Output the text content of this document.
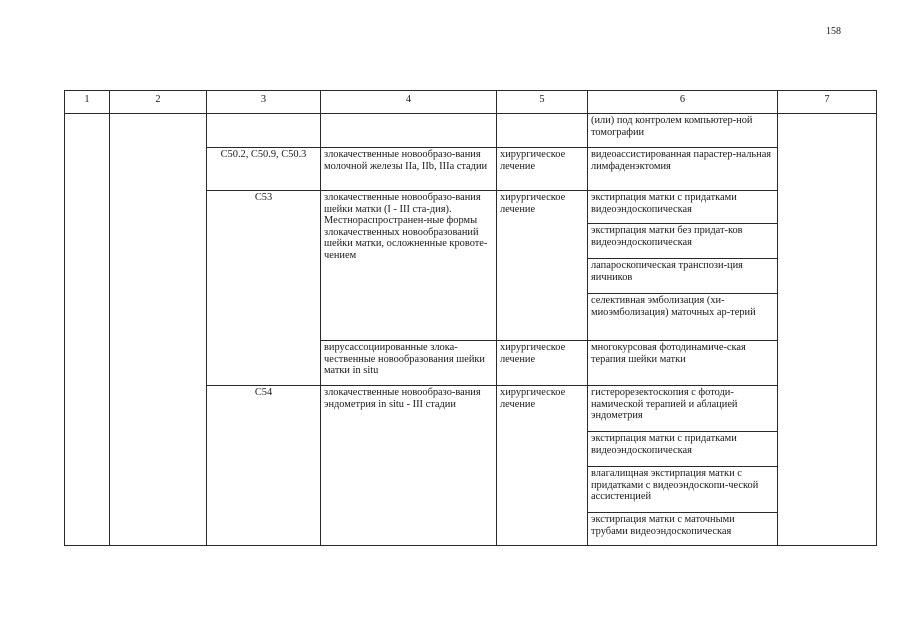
158
1	2	3	4	5	6	7
					(или) под контролем компьютер-ной томографии	
		C50.2, C50.9, C50.3	злокачественные новообразо-вания молочной железы IIа, IIb, IIIа стадии	хирургическое лечение	видеоассистированная парастер-нальная лимфаденэктомия	
		C53	злокачественные новообразо-вания шейки матки (I - III ста-дия). Местнораспространен-ные формы злокачественных новообразований шейки матки, осложненные кровоте-чением	хирургическое лечение	экстирпация матки с придатками видеоэндоскопическая	
					экстирпация матки без придат-ков видеоэндоскопическая	
					лапароскопическая транспози-ция яичников	
					селективная эмболизация (хи-миоэмболизация) маточных ар-терий	
			вирусассоциированные злока-чественные новообразования шейки матки in situ	хирургическое лечение	многокурсовая фотодинамиче-ская терапия шейки матки	
		C54	злокачественные новообразо-вания эндометрия in situ - III стадии	хирургическое лечение	гистерорезектоскопия с фотоди-намической терапией и аблацией эндометрия	
					экстирпация матки с придатками видеоэндоскопическая	
					влагалищная экстирпация матки с придатками с видеоэндоскопи-ческой ассистенцией	
					экстирпация матки с маточными трубами видеоэндоскопическая	
